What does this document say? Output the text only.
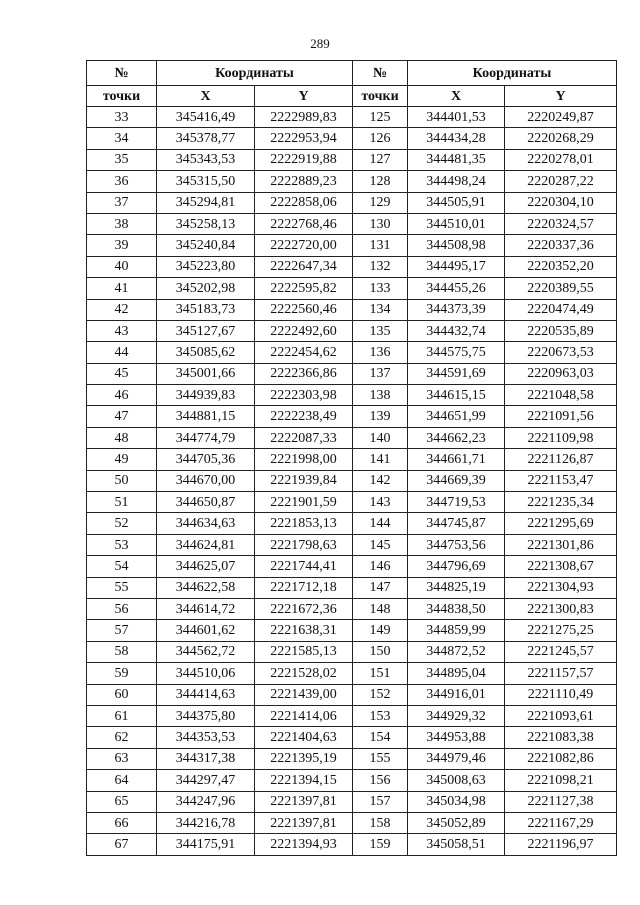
289
№	Координаты		№	Координаты	
точки	X	Y	точки	X	Y
33	345416,49	2222989,83	125	344401,53	2220249,87
34	345378,77	2222953,94	126	344434,28	2220268,29
35	345343,53	2222919,88	127	344481,35	2220278,01
36	345315,50	2222889,23	128	344498,24	2220287,22
37	345294,81	2222858,06	129	344505,91	2220304,10
38	345258,13	2222768,46	130	344510,01	2220324,57
39	345240,84	2222720,00	131	344508,98	2220337,36
40	345223,80	2222647,34	132	344495,17	2220352,20
41	345202,98	2222595,82	133	344455,26	2220389,55
42	345183,73	2222560,46	134	344373,39	2220474,49
43	345127,67	2222492,60	135	344432,74	2220535,89
44	345085,62	2222454,62	136	344575,75	2220673,53
45	345001,66	2222366,86	137	344591,69	2220963,03
46	344939,83	2222303,98	138	344615,15	2221048,58
47	344881,15	2222238,49	139	344651,99	2221091,56
48	344774,79	2222087,33	140	344662,23	2221109,98
49	344705,36	2221998,00	141	344661,71	2221126,87
50	344670,00	2221939,84	142	344669,39	2221153,47
51	344650,87	2221901,59	143	344719,53	2221235,34
52	344634,63	2221853,13	144	344745,87	2221295,69
53	344624,81	2221798,63	145	344753,56	2221301,86
54	344625,07	2221744,41	146	344796,69	2221308,67
55	344622,58	2221712,18	147	344825,19	2221304,93
56	344614,72	2221672,36	148	344838,50	2221300,83
57	344601,62	2221638,31	149	344859,99	2221275,25
58	344562,72	2221585,13	150	344872,52	2221245,57
59	344510,06	2221528,02	151	344895,04	2221157,57
60	344414,63	2221439,00	152	344916,01	2221110,49
61	344375,80	2221414,06	153	344929,32	2221093,61
62	344353,53	2221404,63	154	344953,88	2221083,38
63	344317,38	2221395,19	155	344979,46	2221082,86
64	344297,47	2221394,15	156	345008,63	2221098,21
65	344247,96	2221397,81	157	345034,98	2221127,38
66	344216,78	2221397,81	158	345052,89	2221167,29
67	344175,91	2221394,93	159	345058,51	2221196,97
